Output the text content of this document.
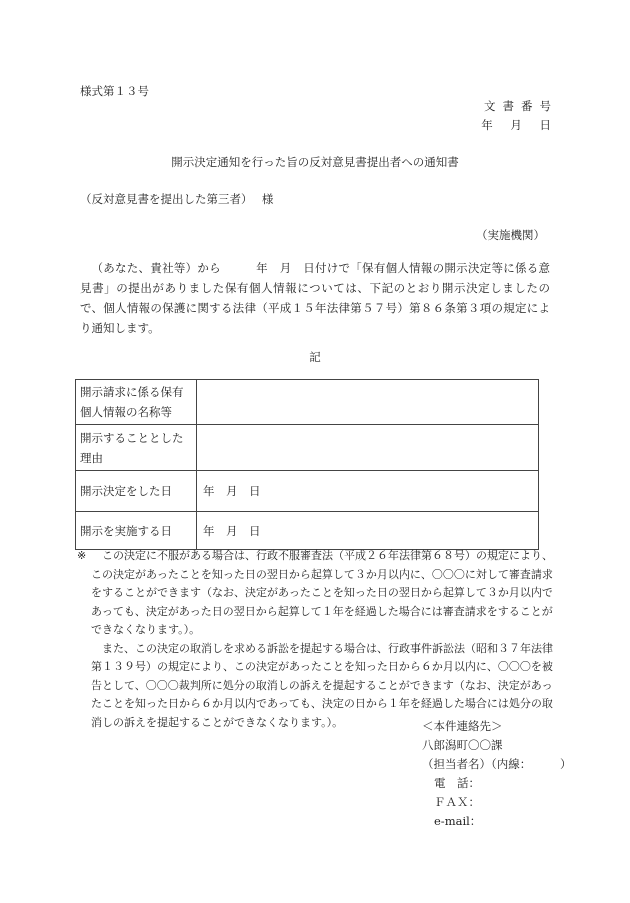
様式第１３号
文書番号
年 月 日
開示決定通知を行った旨の反対意見書提出者への通知書
（反対意見書を提出した第三者）　 様
（実施機関）
（あなた、貴社等）から　　　年　月　日付けで「保有個人情報の開示決定等に係る意見書」の提出がありました保有個人情報については、下記のとおり開示決定しましたので、個人情報の保護に関する法律（平成１５年法律第５７号）第８６条第３項の規定により通知します。
記
開示請求に係る保有個人情報の名称等	
開示することとした理由	
開示決定をした日	年　月　日
開示を実施する日	年　月　日
※	この決定に不服がある場合は、行政不服審査法（平成２６年法律第６８号）の規定により、
この決定があったことを知った日の翌日から起算して３か月以内に、〇〇〇に対して審査請求
をすることができます（なお、決定があったことを知った日の翌日から起算して３か月以内で
あっても、決定があった日の翌日から起算して１年を経過した場合には審査請求をすることが
できなくなります。）。
また、この決定の取消しを求める訴訟を提起する場合は、行政事件訴訟法（昭和３７年法律
第１３９号）の規定により、この決定があったことを知った日から６か月以内に、〇〇〇を被
告として、〇〇〇裁判所に処分の取消しの訴えを提起することができます（なお、決定があっ
たことを知った日から６か月以内であっても、決定の日から１年を経過した場合には処分の取
消しの訴えを提起することができなくなります。）。	＜本件連絡先＞
八郎潟町〇〇課
（担当者名）（内線：　　　）
電　話：
ＦＡＸ：
e-mail：
